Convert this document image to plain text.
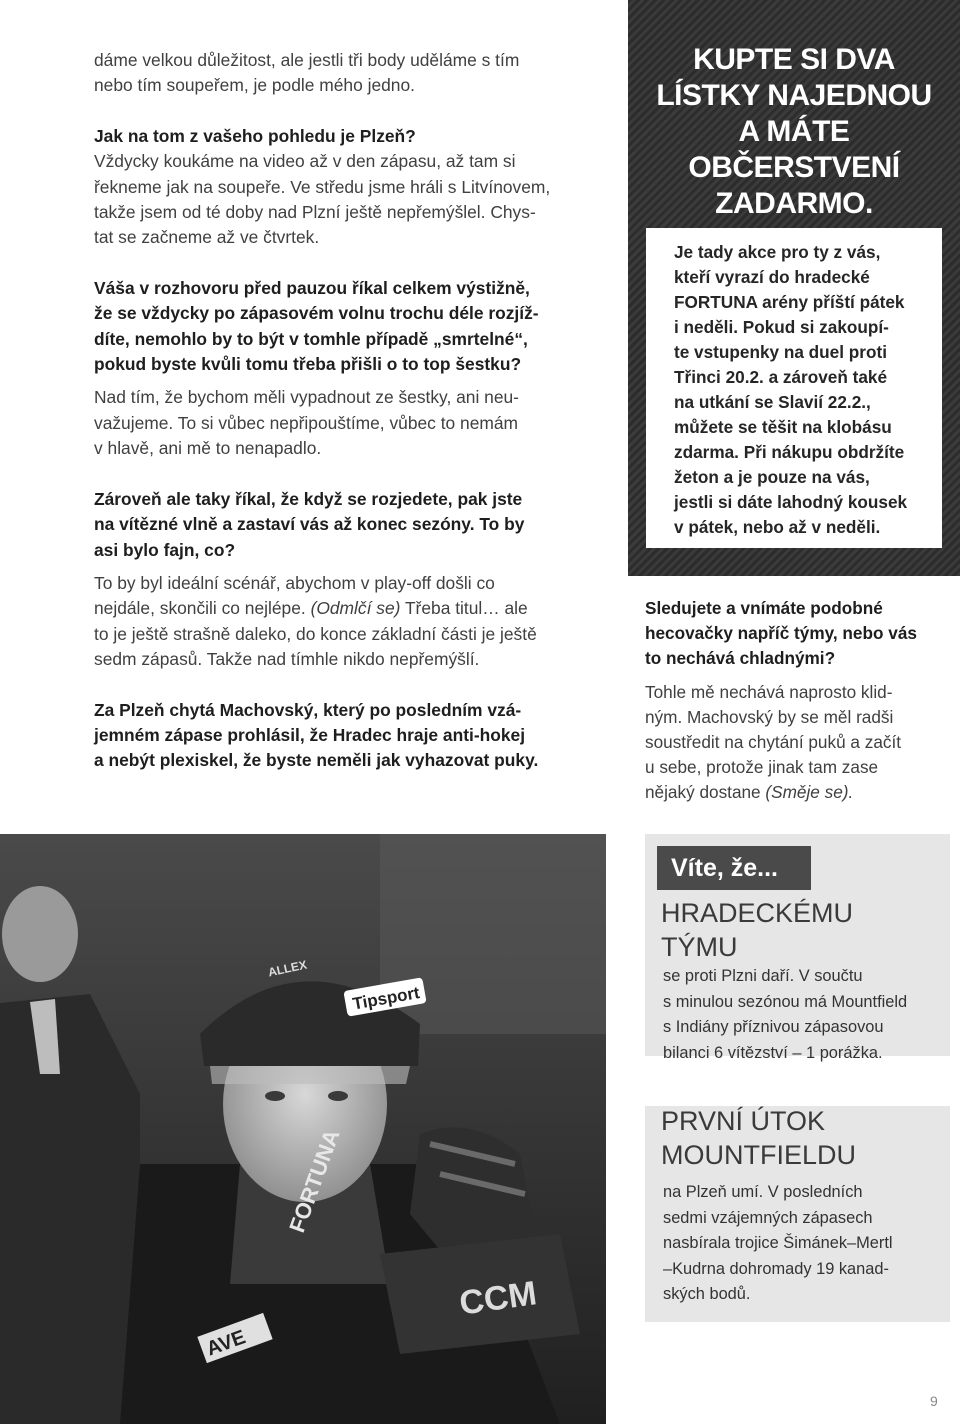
dáme velkou důležitost, ale jestli tři body uděláme s tím

nebo tím soupeřem, je podle mého jedno.

Jak na tom z vašeho pohledu je Plzeň?

Vždycky koukáme na video až v den zápasu, až tam si

řekneme jak na soupeře. Ve středu jsme hráli s Litvínovem,

takže jsem od té doby nad Plzní ještě nepřemýšlel. Chys-

tat se začneme až ve čtvrtek.

Váša v rozhovoru před pauzou říkal celkem výstižně,

že se vždycky po zápasovém volnu trochu déle rozjíž-

díte, nemohlo by to být v tomhle případě „smrtelné“,

pokud byste kvůli tomu třeba přišli o to top šestku?

Nad tím, že bychom měli vypadnout ze šestky, ani neu-

važujeme. To si vůbec nepřipouštíme, vůbec to nemám

v hlavě, ani mě to nenapadlo.

Zároveň ale taky říkal, že když se rozjedete, pak jste

na vítězné vlně a zastaví vás až konec sezóny. To by

asi bylo fajn, co?

To by byl ideální scénář, abychom v play-off došli co

nejdále, skončili co nejlépe. (Odmlčí se) Třeba titul… ale

to je ještě strašně daleko, do konce základní části je ještě

sedm zápasů. Takže nad tímhle nikdo nepřemýšlí.

Za Plzeň chytá Machovský, který po posledním vzá-

jemném zápase prohlásil, že Hradec hraje anti-hokej

a nebýt plexiskel, že byste neměli jak vyhazovat puky.

KUPTE SI DVA
LÍSTKY NAJEDNOU
A MÁTE
OBČERSTVENÍ
ZADARMO.

Je tady akce pro ty z vás,

kteří vyrazí do hradecké

FORTUNA arény příští pátek

i neděli. Pokud si zakoupí-

te vstupenky na duel proti

Třinci 20.2. a zároveň také

na utkání se Slavií 22.2.,

můžete se těšit na klobásu

zdarma. Při nákupu obdržíte

žeton a je pouze na vás,

jestli si dáte lahodný kousek

v pátek, nebo až v neděli.

Sledujete a vnímáte podobné

hecovačky napříč týmy, nebo vás

to nechává chladnými?

Tohle mě nechává naprosto klid-

ným. Machovský by se měl radši

soustředit na chytání puků a začít

u sebe, protože jinak tam zase

nějaký dostane (Směje se).

Tipsport
ALLEX
FORTUNA
AVE
CCM
Víte, že...

HRADECKÉMU
TÝMU

se proti Plzni daří. V součtu
s minulou sezónou má Mountfield
s Indiány příznivou zápasovou
bilanci 6 vítězství – 1 porážka.

PRVNÍ ÚTOK
MOUNTFIELDU

na Plzeň umí. V posledních
sedmi vzájemných zápasech
nasbírala trojice Šimánek–Mertl
–Kudrna dohromady 19 kanad-
ských bodů.

9
